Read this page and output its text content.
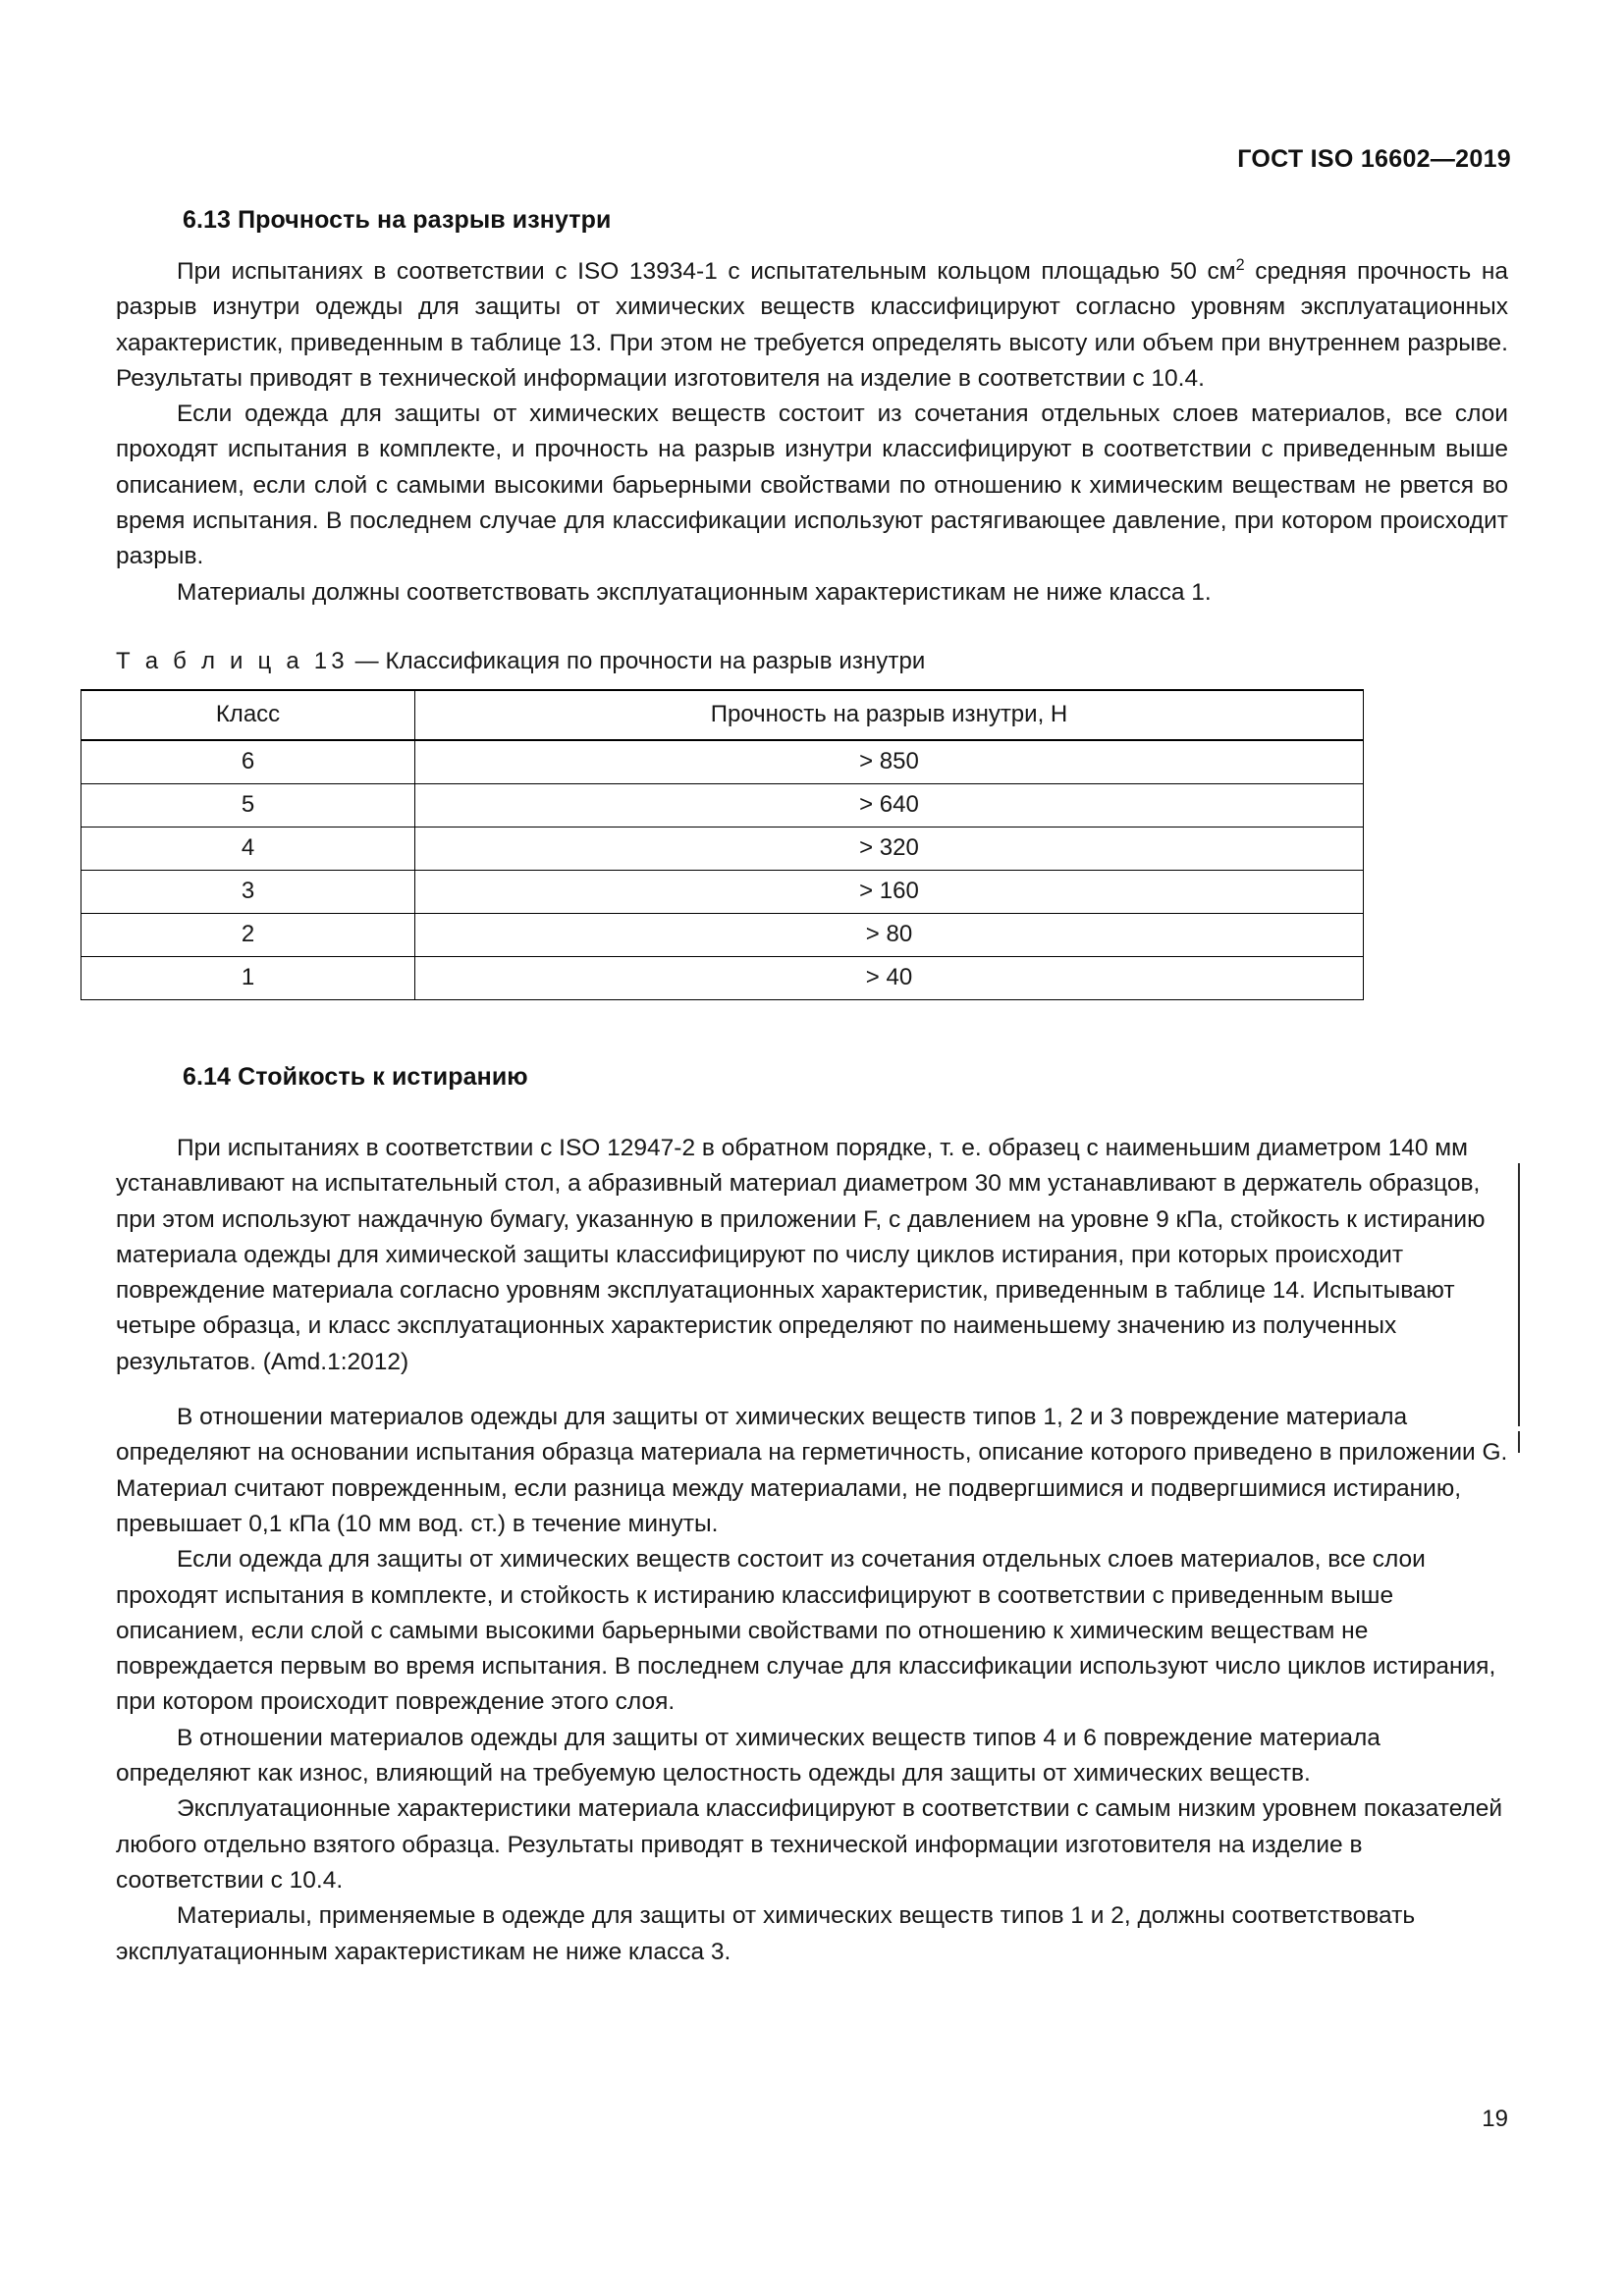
ГОСТ ISO 16602—2019
6.13 Прочность на разрыв изнутри

При испытаниях в соответствии с ISO 13934-1 с испытательным кольцом площадью 50 $см^2$ средняя прочность на разрыв изнутри одежды для защиты от химических веществ классифицируют согласно уровням эксплуатационных характеристик, приведенным в таблице 13. При этом не требуется определять высоту или объем при внутреннем разрыве. Результаты приводят в технической информации изготовителя на изделие в соответствии с 10.4.

Если одежда для защиты от химических веществ состоит из сочетания отдельных слоев материалов, все слои проходят испытания в комплекте, и прочность на разрыв изнутри классифицируют в соответствии с приведенным выше описанием, если слой с самыми высокими барьерными свойствами по отношению к химическим веществам не рвется во время испытания. В последнем случае для классификации используют растягивающее давление, при котором происходит разрыв.

Материалы должны соответствовать эксплуатационным характеристикам не ниже класса 1.

Т а б л и ц а 13 — Классификация по прочности на разрыв изнутри
Класс	Прочность на разрыв изнутри, Н
6	> 850
5	> 640
4	> 320
3	> 160
2	> 80
1	> 40
6.14 Стойкость к истиранию

При испытаниях в соответствии с ISO 12947-2 в обратном порядке, т. е. образец с наименьшим диаметром 140 мм устанавливают на испытательный стол, а абразивный материал диаметром 30 мм устанавливают в держатель образцов, при этом используют наждачную бумагу, указанную в приложении F, с давлением на уровне 9 кПа, стойкость к истиранию материала одежды для химической защиты классифицируют по числу циклов истирания, при которых происходит повреждение материала согласно уровням эксплуатационных характеристик, приведенным в таблице 14. Испытывают четыре образца, и класс эксплуатационных характеристик определяют по наименьшему значению из полученных результатов. (Amd.1:2012)

В отношении материалов одежды для защиты от химических веществ типов 1, 2 и 3 повреждение материала определяют на основании испытания образца материала на герметичность, описание которого приведено в приложении G. Материал считают поврежденным, если разница между материалами, не подвергшимися и подвергшимися истиранию, превышает 0,1 кПа (10 мм вод. ст.) в течение минуты.

Если одежда для защиты от химических веществ состоит из сочетания отдельных слоев материалов, все слои проходят испытания в комплекте, и стойкость к истиранию классифицируют в соответствии с приведенным выше описанием, если слой с самыми высокими барьерными свойствами по отношению к химическим веществам не повреждается первым во время испытания. В последнем случае для классификации используют число циклов истирания, при котором происходит повреждение этого слоя.

В отношении материалов одежды для защиты от химических веществ типов 4 и 6 повреждение материала определяют как износ, влияющий на требуемую целостность одежды для защиты от химических веществ.

Эксплуатационные характеристики материала классифицируют в соответствии с самым низким уровнем показателей любого отдельно взятого образца. Результаты приводят в технической информации изготовителя на изделие в соответствии с 10.4.

Материалы, применяемые в одежде для защиты от химических веществ типов 1 и 2, должны соответствовать эксплуатационным характеристикам не ниже класса 3.

19
